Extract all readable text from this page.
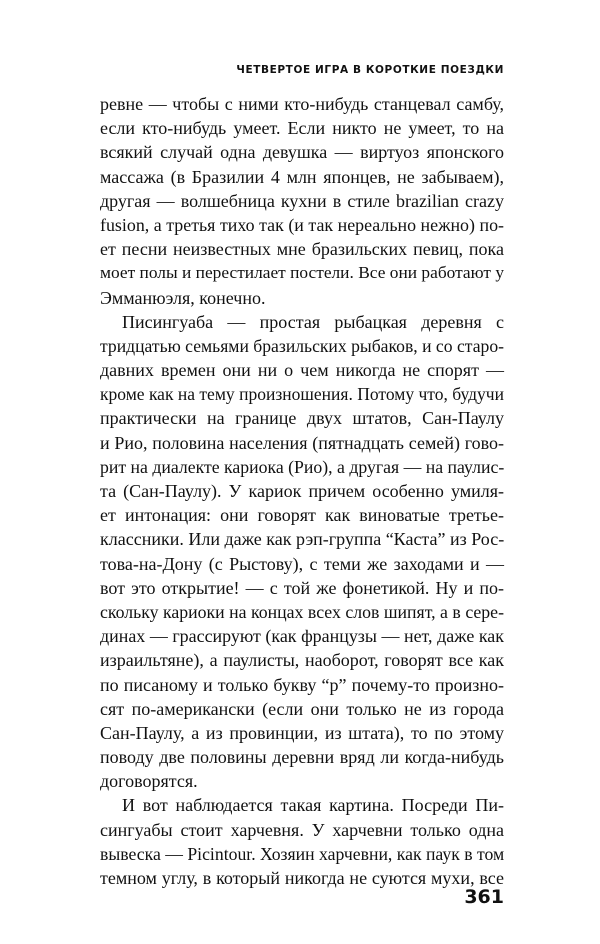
ЧЕТВЕРТОЕ ИГРА В КОРОТКИЕ ПОЕЗДКИ
ревне — чтобы с ними кто-нибудь станцевал самбу,
если кто-нибудь умеет. Если никто не умеет, то на
всякий случай одна девушка — виртуоз японского
массажа (в Бразилии 4 млн японцев, не забываем),
другая — волшебница кухни в стиле brazilian crazy
fusion, а третья тихо так (и так нереально нежно) по-
ет песни неизвестных мне бразильских певиц, пока
моет полы и перестилает постели. Все они работают у
Эмманюэля, конечно.
Писингуаба — простая рыбацкая деревня с
тридцатью семьями бразильских рыбаков, и со старо-
давних времен они ни о чем никогда не спорят —
кроме как на тему произношения. Потому что, будучи
практически на границе двух штатов, Сан-Паулу
и Рио, половина населения (пятнадцать семей) гово-
рит на диалекте кариока (Рио), а другая — на паулис-
та (Сан-Паулу). У кариок причем особенно умиля-
ет интонация: они говорят как виноватые третье-
классники. Или даже как рэп-группа “Каста” из Рос-
това-на-Дону (с Рыстову), с теми же заходами и —
вот это открытие! — с той же фонетикой. Ну и по-
скольку кариоки на концах всех слов шипят, а в сере-
динах — грассируют (как французы — нет, даже как
израильтяне), а паулисты, наоборот, говорят все как
по писаному и только букву “р” почему-то произно-
сят по-американски (если они только не из города
Сан-Паулу, а из провинции, из штата), то по этому
поводу две половины деревни вряд ли когда-нибудь
договорятся.
И вот наблюдается такая картина. Посреди Пи-
сингуабы стоит харчевня. У харчевни только одна
вывеска — Picintour. Хозяин харчевни, как паук в том
темном углу, в который никогда не суются мухи, все
361
